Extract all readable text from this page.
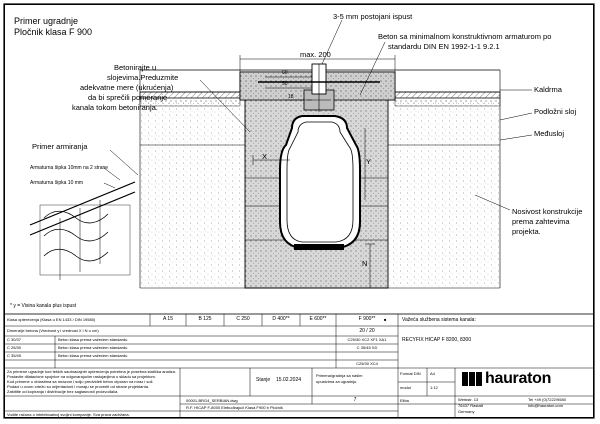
Primer ugradnje
Pločnik klasa F 900
3-5 mm postojani ispust
Beton sa minimalnom konstruktivnom armaturom po
standardu DIN EN 1992-1-1 9.2.1
Betonirajte u
slojevima.Preduzmite
adekvatne mere (ukrućenja)
da bi sprečili pomeranje
kanala tokom betoniranja.
Primer armiranja
Armaturna šipka 10mm na 2 strane
Armaturna šipka 10 mm
Kaldrma
Podložni sloj
Međusloj
Nosivost konstrukcije
prema zahtevima
projekta.
max. 200
60
50
18
X
Y
N
* y = Visina kanala plus ispust
Klasa opterećenja (Klasa u EN 1433 / DIN 19580)	A 15	B 125	C 250	D 400**	E 600**	F 900**	■
Dimenzije betona (Vrednost y i vrednost X i N u cm)	20 / 20
C 30/37	Beton klasa prema važećem standardu	C25/30 XC2 XF1 XA1
C 25/30	Beton klasa prema važećem standardu	C 35/45 XD
C 35/45	Beton klasa prema važećem standardu
C25/30 XC4
Za primene ugradnje kod teških saobraćajnih opterećenja potrebna je posebna statička analiza.
Postavite dilatacione spojnice na odgovarajućim rastojanjima u skladu sa projektom.
Kod primene u oblastima sa mrazom i solju predvideti beton otporan na mraz i soli.
Podaci u ovom crtežu su orijentacioni i moraju se proveriti od strane projektanta.
Zaštitite od kopiranja i distribucije bez saglasnosti proizvođača.
Stanje 15.02.2024
Primena/gradnja sa našim
upustvima za ugradnju.
00001-BRG4_SERBIAN.dwg	7
R.F. HICAP F-8000 Elebudirajući Klasa F900 b Pločnik
Vodite računa o intelektualnoj svojini kompanije. Sva prava zadržana.
Važeća službena sistema kanala:
RECYFIX HICAP F 8200, 8300
Format DIN A4
modul	1:12
Eliba
hauraton
Werkstr. 13
76437 Rastatt
Germany
Tel +49 (0)7222/9580
info@hauraton.com
